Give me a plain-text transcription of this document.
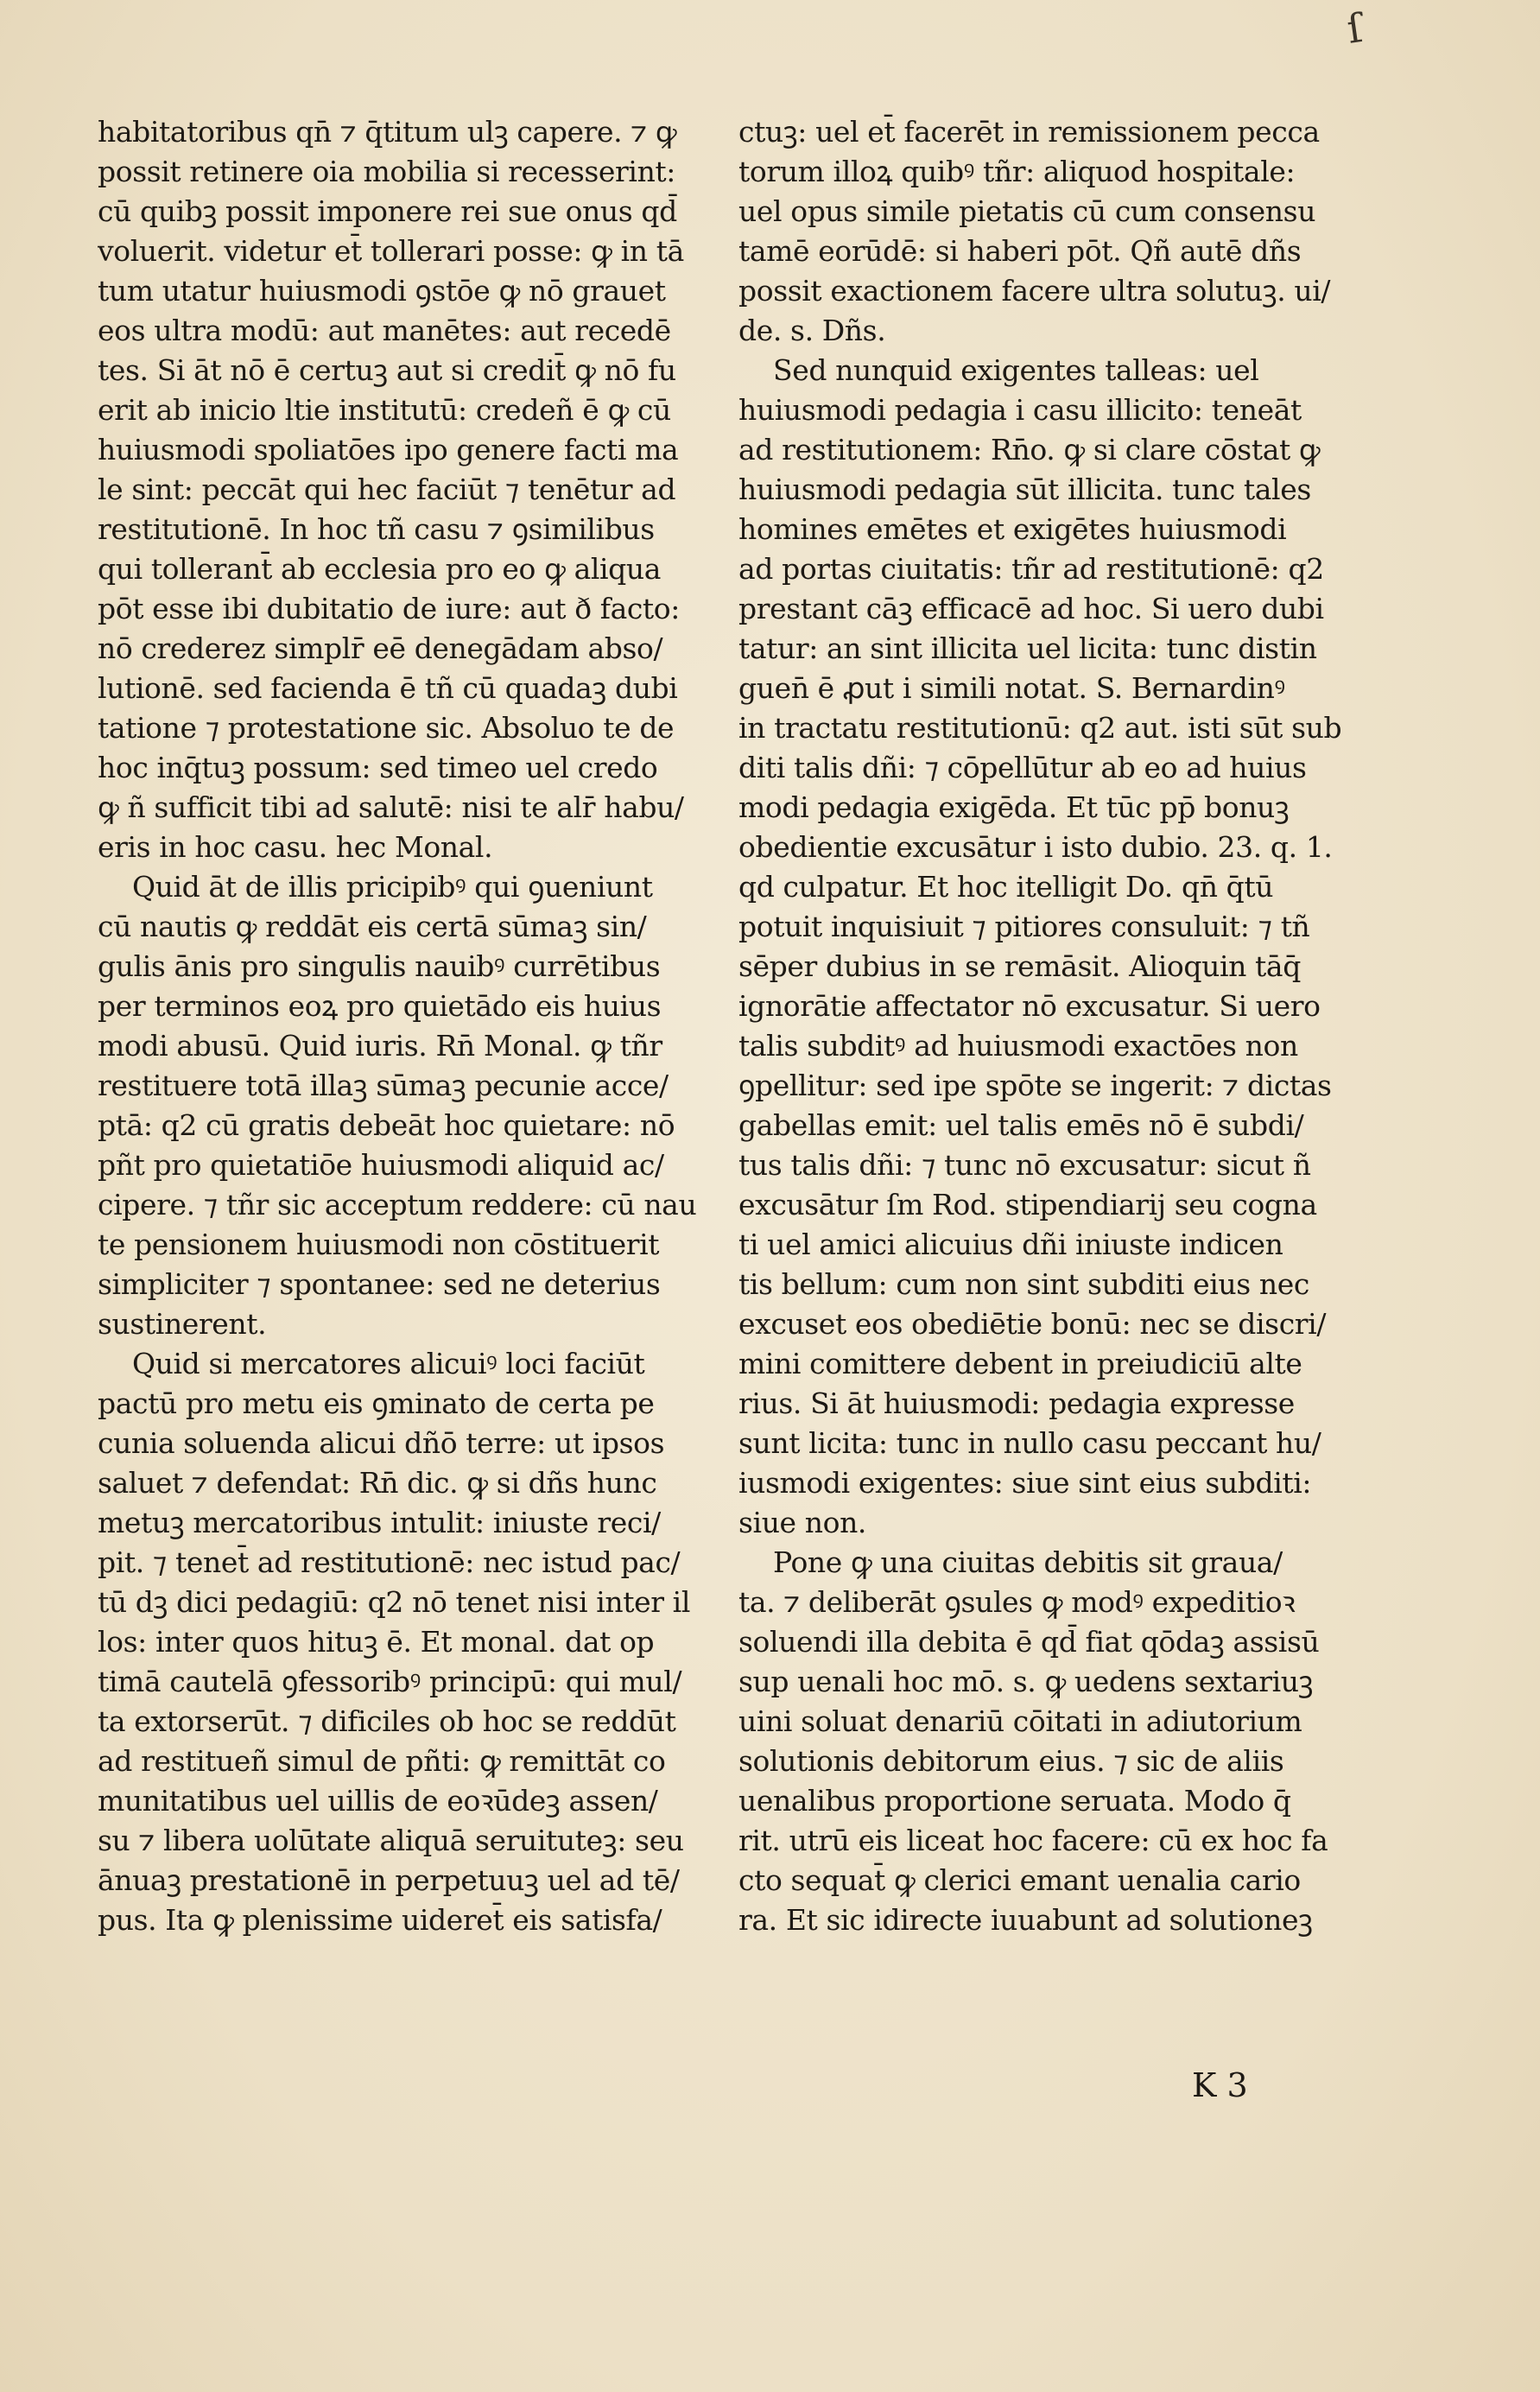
ſ
habitatoribus qn̄ ⁊ q̄titum ulꝫ capere. ⁊ ꝙ
possit retinere oia mobilia si recesserint:
cū quibꝫ possit imponere rei sue onus qd̄
voluerit. videtur et̄ tollerari posse: ꝙ in tā
tum utatur huiusmodi ꝯstōe ꝙ nō grauet
eos ultra modū: aut manētes: aut recedē
tes. Si āt nō ē certuꝫ aut si credit̄ ꝙ nō fu
erit ab inicio ltie institutū: credeñ ē ꝙ cū
huiusmodi spoliatōes ipo genere facti ma
le sint: peccāt qui hec faciūt ⁊ tenētur ad
restitutionē. In hoc tñ casu ⁊ ꝯsimilibus
qui tollerant̄ ab ecclesia pro eo ꝙ aliqua
pōt esse ibi dubitatio de iure: aut ð facto:
nō crederez simplr̄ eē denegādam abso/
lutionē. sed facienda ē tñ cū quadaꝫ dubi
tatione ⁊ protestatione sic. Absoluo te de
hoc inq̄tuꝫ possum: sed timeo uel credo
ꝙ ñ sufficit tibi ad salutē: nisi te alr̄ habu/
eris in hoc casu. hec Monal.
Quid āt de illis pricipibꝰ qui ꝯueniunt
cū nautis ꝙ reddāt eis certā sūmaꝫ sin/
gulis ānis pro singulis nauibꝰ currētibus
per terminos eoꝝ pro quietādo eis huius
modi abusū. Quid iuris. Rn̄ Monal. ꝙ tñr
restituere totā illaꝫ sūmaꝫ pecunie acce/
ptā: q2 cū gratis debeāt hoc quietare: nō
pñt pro quietatiōe huiusmodi aliquid ac/
cipere. ⁊ tñr sic acceptum reddere: cū nau
te pensionem huiusmodi non cōstituerit
simpliciter ⁊ spontanee: sed ne deterius
sustinerent.
Quid si mercatores alicuiꝰ loci faciūt
pactū pro metu eis ꝯminato de certa pe
cunia soluenda alicui dñō terre: ut ipsos
saluet ⁊ defendat: Rn̄ dic. ꝙ si dñs hunc
metuꝫ mercatoribus intulit: iniuste reci/
pit. ⁊ tenet̄ ad restitutionē: nec istud pac/
tū dꝫ dici pedagiū: q2 nō tenet nisi inter il
los: inter quos hituꝫ ē. Et monal. dat op
timā cautelā ꝯfessoribꝰ principū: qui mul/
ta extorserūt. ⁊ dificiles ob hoc se reddūt
ad restitueñ simul de pñti: ꝙ remittāt co
munitatibus uel uillis de eoꝛūdeꝫ assen/
su ⁊ libera uolūtate aliquā seruituteꝫ: seu
ānuaꝫ prestationē in perpetuuꝫ uel ad tē/
pus. Ita ꝙ plenissime uideret̄ eis satisfa/
ctuꝫ: uel et̄ facerēt in remissionem pecca
torum illoꝝ quibꝰ tñr: aliquod hospitale:
uel opus simile pietatis cū cum consensu
tamē eorūdē: si haberi pōt. Qñ autē dñs
possit exactionem facere ultra solutuꝫ. ui/
de. s. Dñs.
Sed nunquid exigentes talleas: uel
huiusmodi pedagia i casu illicito: teneāt
ad restitutionem: Rn̄o. ꝙ si clare cōstat ꝙ
huiusmodi pedagia sūt illicita. tunc tales
homines emētes et exigētes huiusmodi
ad portas ciuitatis: tñr ad restitutionē: q2
prestant cāꝫ efficacē ad hoc. Si uero dubi
tatur: an sint illicita uel licita: tunc distin
guen̄ ē ꝓut i simili notat. S. Bernardinꝰ
in tractatu restitutionū: q2 aut. isti sūt sub
diti talis dñi: ⁊ cōpellūtur ab eo ad huius
modi pedagia exigēda. Et tūc pp̄ bonuꝫ
obedientie excusātur i isto dubio. 23. q. 1.
qd culpatur. Et hoc itelligit Do. qn̄ q̄tū
potuit inquisiuit ⁊ pitiores consuluit: ⁊ tñ
sēper dubius in se remāsit. Alioquin tāq̄
ignorātie affectator nō excusatur. Si uero
talis subditꝰ ad huiusmodi exactōes non
ꝯpellitur: sed ipe spōte se ingerit: ⁊ dictas
gabellas emit: uel talis emēs nō ē subdi/
tus talis dñi: ⁊ tunc nō excusatur: sicut ñ
excusātur ſm Rod. stipendiarij seu cogna
ti uel amici alicuius dñi iniuste indicen
tis bellum: cum non sint subditi eius nec
excuset eos obediētie bonū: nec se discri/
mini comittere debent in preiudiciū alte
rius. Si āt huiusmodi: pedagia expresse
sunt licita: tunc in nullo casu peccant hu/
iusmodi exigentes: siue sint eius subditi:
siue non.
Pone ꝙ una ciuitas debitis sit graua/
ta. ⁊ deliberāt ꝯsules ꝙ modꝰ expeditioꝛ
soluendi illa debita ē qd̄ fiat qōdaꝫ assisū
sup uenali hoc mō. s. ꝙ uedens sextariuꝫ
uini soluat denariū cōitati in adiutorium
solutionis debitorum eius. ⁊ sic de aliis
uenalibus proportione seruata. Modo q̄
rit. utrū eis liceat hoc facere: cū ex hoc fa
cto sequat̄ ꝙ clerici emant uenalia cario
ra. Et sic idirecte iuuabunt ad solutioneꝫ
K 3
